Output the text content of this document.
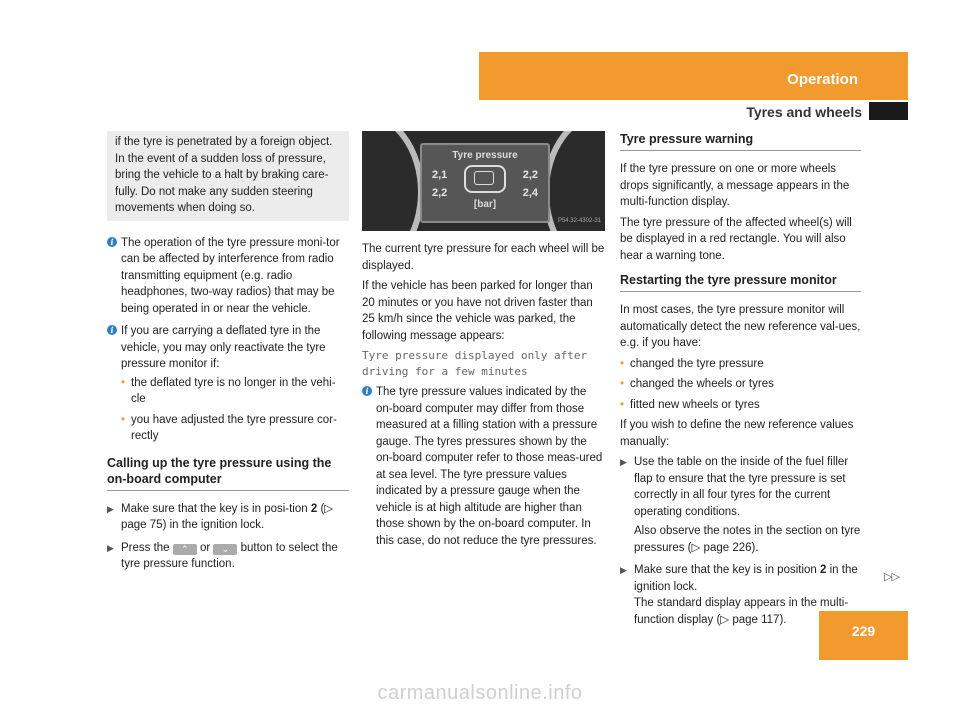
Operation
Tyres and wheels
if the tyre is penetrated by a foreign object. In the event of a sudden loss of pressure, bring the vehicle to a halt by braking care-fully. Do not make any sudden steering movements when doing so.
i The operation of the tyre pressure moni-tor can be affected by interference from radio transmitting equipment (e.g. radio headphones, two-way radios) that may be being operated in or near the vehicle.
i If you are carrying a deflated tyre in the vehicle, you may only reactivate the tyre pressure monitor if:
• the deflated tyre is no longer in the vehi-cle
• you have adjusted the tyre pressure cor-rectly
Calling up the tyre pressure using the on-board computer
▶ Make sure that the key is in posi-tion 2 (▷ page 75) in the ignition lock.
▶ Press the ⌃ or ⌄ button to select the tyre pressure function.
Tyre pressure
2,1	2,2
2,2	2,4
[bar]
P54.32-4302-31

The current tyre pressure for each wheel will be displayed.

If the vehicle has been parked for longer than 20 minutes or you have not driven faster than 25 km/h since the vehicle was parked, the following message appears:

Tyre pressure displayed only after driving for a few minutes
i The tyre pressure values indicated by the on-board computer may differ from those measured at a filling station with a pressure gauge. The tyres pressures shown by the on-board computer refer to those meas-ured at sea level. The tyre pressure values indicated by a pressure gauge when the vehicle is at high altitude are higher than those shown by the on-board computer. In this case, do not reduce the tyre pressures.
Tyre pressure warning

If the tyre pressure on one or more wheels drops significantly, a message appears in the multi-function display.

The tyre pressure of the affected wheel(s) will be displayed in a red rectangle. You will also hear a warning tone.

Restarting the tyre pressure monitor

In most cases, the tyre pressure monitor will automatically detect the new reference val-ues, e.g. if you have:

• changed the tyre pressure
• changed the wheels or tyres
• fitted new wheels or tyres

If you wish to define the new reference values manually:

▶ Use the table on the inside of the fuel filler flap to ensure that the tyre pressure is set correctly in all four tyres for the current operating conditions.
Also observe the notes in the section on tyre pressures (▷ page 226).
▶ Make sure that the key is in position 2 in the ignition lock.
The standard display appears in the multi-function display (▷ page 117).
▷▷
229
carmanualsonline.info
